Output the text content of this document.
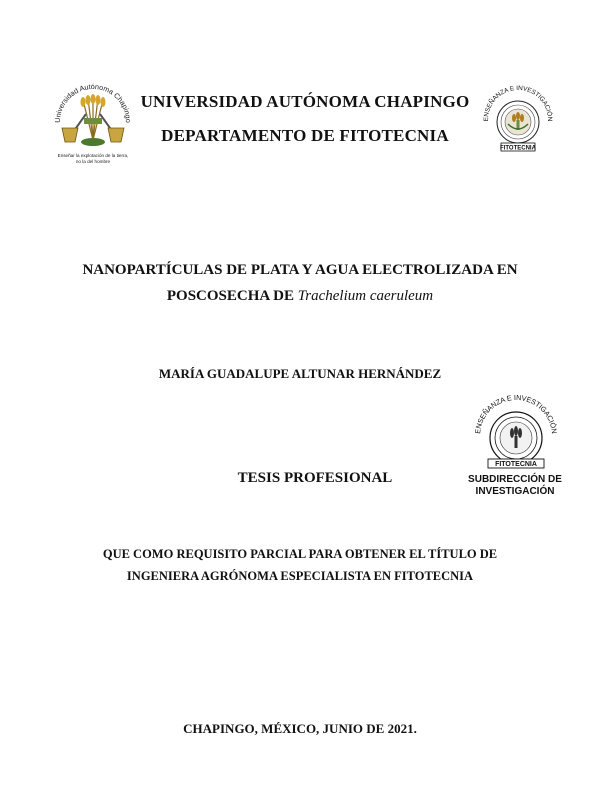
Universidad Autónoma Chapingo
Enseñar la explotación de la tierra,
no la del hombre
UNIVERSIDAD AUTÓNOMA CHAPINGO
DEPARTAMENTO DE FITOTECNIA
ENSEÑANZA E INVESTIGACIÓN
FITOTECNIA
NANOPARTÍCULAS DE PLATA Y AGUA ELECTROLIZADA EN
POSCOSECHA DE Trachelium caeruleum
MARÍA GUADALUPE ALTUNAR HERNÁNDEZ
ENSEÑANZA E INVESTIGACIÓN
FITOTECNIA
SUBDIRECCIÓN DE
INVESTIGACIÓN
TESIS PROFESIONAL
QUE COMO REQUISITO PARCIAL PARA OBTENER EL TÍTULO DE
INGENIERA AGRÓNOMA ESPECIALISTA EN FITOTECNIA
CHAPINGO, MÉXICO, JUNIO DE 2021.
